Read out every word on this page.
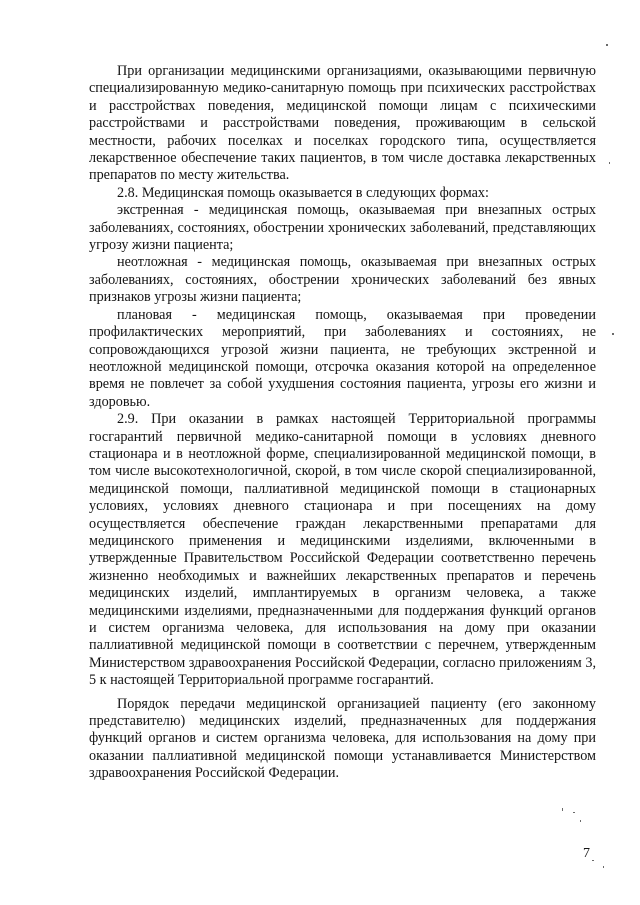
При организации медицинскими организациями, оказывающими первичную специализированную медико-санитарную помощь при психических расстройствах и расстройствах поведения, медицинской помощи лицам с психическими расстройствами и расстройствами поведения, проживающим в сельской местности, рабочих поселках и поселках городского типа, осуществляется лекарственное обеспечение таких пациентов, в том числе доставка лекарственных препаратов по месту жительства.

2.8. Медицинская помощь оказывается в следующих формах:

экстренная - медицинская помощь, оказываемая при внезапных острых заболеваниях, состояниях, обострении хронических заболеваний, представляющих угрозу жизни пациента;

неотложная - медицинская помощь, оказываемая при внезапных острых заболеваниях, состояниях, обострении хронических заболеваний без явных признаков угрозы жизни пациента;

плановая - медицинская помощь, оказываемая при проведении профилактических мероприятий, при заболеваниях и состояниях, не сопровождающихся угрозой жизни пациента, не требующих экстренной и неотложной медицинской помощи, отсрочка оказания которой на определенное время не повлечет за собой ухудшения состояния пациента, угрозы его жизни и здоровью.

2.9. При оказании в рамках настоящей Территориальной программы госгарантий первичной медико-санитарной помощи в условиях дневного стационара и в неотложной форме, специализированной медицинской помощи, в том числе высокотехнологичной, скорой, в том числе скорой специализированной, медицинской помощи, паллиативной медицинской помощи в стационарных условиях, условиях дневного стационара и при посещениях на дому осуществляется обеспечение граждан лекарственными препаратами для медицинского применения и медицинскими изделиями, включенными в утвержденные Правительством Российской Федерации соответственно перечень жизненно необходимых и важнейших лекарственных препаратов и перечень медицинских изделий, имплантируемых в организм человека, а также медицинскими изделиями, предназначенными для поддержания функций органов и систем организма человека, для использования на дому при оказании паллиативной медицинской помощи в соответствии с перечнем, утвержденным Министерством здравоохранения Российской Федерации, согласно приложениям 3, 5 к настоящей Территориальной программе госгарантий.

Порядок передачи медицинской организацией пациенту (его законному представителю) медицинских изделий, предназначенных для поддержания функций органов и систем организма человека, для использования на дому при оказании паллиативной медицинской помощи устанавливается Министерством здравоохранения Российской Федерации.

7
